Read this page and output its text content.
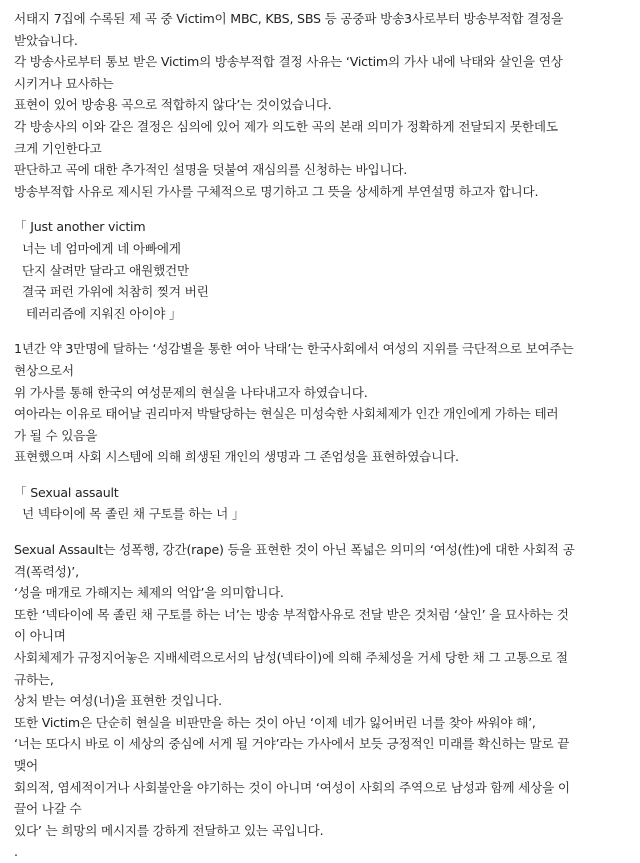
서태지 7집에 수록된 제 곡 중 Victim이 MBC, KBS, SBS 등 공중파 방송3사로부터 방송부적합 결정을
받았습니다.
각 방송사로부터 통보 받은 Victim의 방송부적합 결정 사유는 ‘Victim의 가사 내에 낙태와 살인을 연상
시키거나 묘사하는
표현이 있어 방송용 곡으로 적합하지 않다’는 것이었습니다.
각 방송사의 이와 같은 결정은 심의에 있어 제가 의도한 곡의 본래 의미가 정확하게 전달되지 못한데도
크게 기인한다고
판단하고 곡에 대한 추가적인 설명을 덧붙여 재심의를 신청하는 바입니다.
방송부적합 사유로 제시된 가사를 구체적으로 명기하고 그 뜻을 상세하게 부연설명 하고자 합니다.
「 Just another victim
너는 네 엄마에게 네 아빠에게
단지 살려만 달라고 애원했건만
결국 퍼런 가위에 처참히 찢겨 버린
테러리즘에 지워진 아이야 」
1년간 약 3만명에 달하는 ‘성감별을 통한 여아 낙태’는 한국사회에서 여성의 지위를 극단적으로 보여주는
현상으로서
위 가사를 통해 한국의 여성문제의 현실을 나타내고자 하였습니다.
여아라는 이유로 태어날 권리마저 박탈당하는 현실은 미성숙한 사회체제가 인간 개인에게 가하는 테러
가 될 수 있음을
표현했으며 사회 시스템에 의해 희생된 개인의 생명과 그 존엄성을 표현하였습니다.
「 Sexual assault
넌 넥타이에 목 졸린 채 구토를 하는 너 」
Sexual Assault는 성폭행, 강간(rape) 등을 표현한 것이 아닌 폭넓은 의미의 ‘여성(性)에 대한 사회적 공
격(폭력성)’,
‘성을 매개로 가해지는 체제의 억압’을 의미합니다.
또한 ‘넥타이에 목 졸린 채 구토를 하는 너’는 방송 부적합사유로 전달 받은 것처럼 ‘살인’ 을 묘사하는 것
이 아니며
사회체제가 규정지어놓은 지배세력으로서의 남성(넥타이)에 의해 주체성을 거세 당한 채 그 고통으로 절
규하는,
상처 받는 여성(너)을 표현한 것입니다.
또한 Victim은 단순히 현실을 비판만을 하는 것이 아닌 ‘이제 네가 잃어버린 너를 찾아 싸워야 해’,
‘너는 또다시 바로 이 세상의 중심에 서게 될 거야’라는 가사에서 보듯 긍정적인 미래를 확신하는 말로 끝
맺어
회의적, 염세적이거나 사회불안을 야기하는 것이 아니며 ‘여성이 사회의 주역으로 남성과 함께 세상을 이
끌어 나갈 수
있다’ 는 희망의 메시지를 강하게 전달하고 있는 곡입니다.
.
